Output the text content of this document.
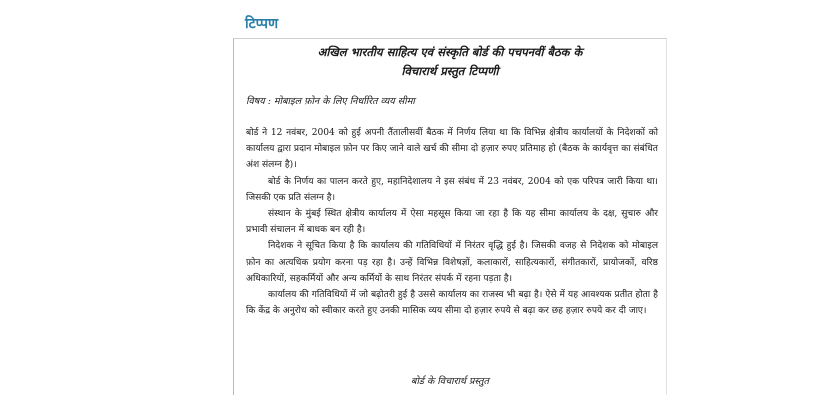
टिप्पण
अखिल भारतीय साहित्य एवं संस्कृति बोर्ड की पचपनवीं बैठक के
विचारार्थ प्रस्तुत टिप्पणी
विषय : मोबाइल फ़ोन के लिए निर्धारित व्यय सीमा

बोर्ड ने 12 नवंबर, 2004 को हुई अपनी तैंतालीसवीं बैठक में निर्णय लिया था कि विभिन्न क्षेत्रीय कार्यालयों के निदेशकों को कार्यालय द्वारा प्रदान मोबाइल फ़ोन पर किए जाने वाले खर्च की सीमा दो हज़ार रुपए प्रतिमाह हो (बैठक के कार्यवृत्त का संबंधित अंश संलग्न है)।

बोर्ड के निर्णय का पालन करते हुए, महानिदेशालय ने इस संबंध में 23 नवंबर, 2004 को एक परिपत्र जारी किया था। जिसकी एक प्रति संलग्न है।

संस्थान के मुंबई स्थित क्षेत्रीय कार्यालय में ऐसा महसूस किया जा रहा है कि यह सीमा कार्यालय के दक्ष, सुचारु और प्रभावी संचालन में बाधक बन रही है।

निदेशक ने सूचित किया है कि कार्यालय की गतिविधियों में निरंतर वृद्धि हुई है। जिसकी वजह से निदेशक को मोबाइल फ़ोन का अत्यधिक प्रयोग करना पड़ रहा है। उन्हें विभिन्न विशेषज्ञों, कलाकारों, साहित्यकारों, संगीतकारों, प्रायोजकों, वरिष्ठ अधिकारियों, सहकर्मियों और अन्य कर्मियों के साथ निरंतर संपर्क में रहना पड़ता है।

कार्यालय की गतिविधियों में जो बढ़ोतरी हुई है उससे कार्यालय का राजस्व भी बढ़ा है। ऐसे में यह आवश्यक प्रतीत होता है कि केंद्र के अनुरोध को स्वीकार करते हुए उनकी मासिक व्यय सीमा दो हज़ार रुपये से बढ़ा कर छह हज़ार रुपये कर दी जाए।

बोर्ड के विचारार्थ प्रस्तुत
